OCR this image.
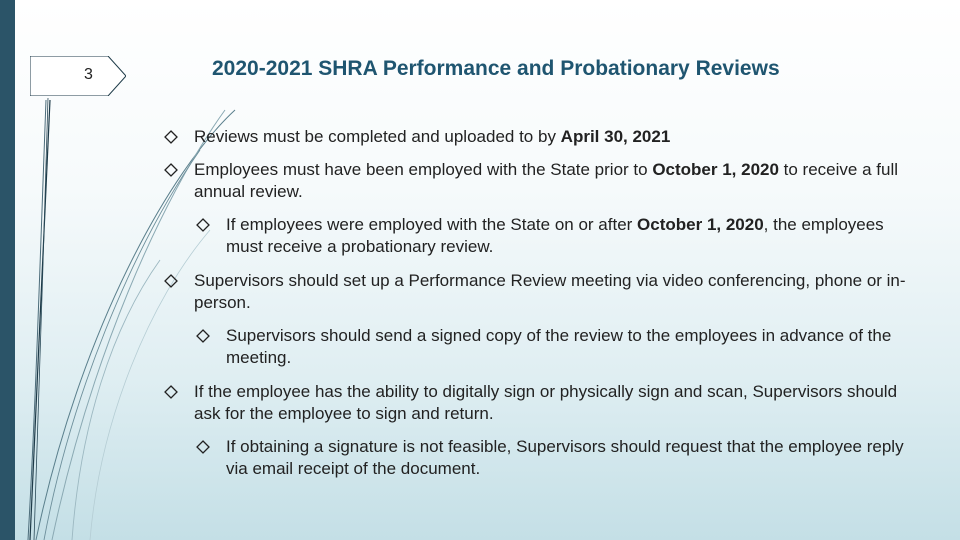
3	2020-2021 SHRA Performance and Probationary Reviews
Reviews must be completed and uploaded to by April 30, 2021
Employees must have been employed with the State prior to October 1, 2020 to receive a full annual review.
If employees were employed with the State on or after October 1, 2020, the employees must receive a probationary review.
Supervisors should set up a Performance Review meeting via video conferencing, phone or in-person.
Supervisors should send a signed copy of the review to the employees in advance of the meeting.
If the employee has the ability to digitally sign or physically sign and scan, Supervisors should ask for the employee to sign and return.
If obtaining a signature is not feasible, Supervisors should request that the employee reply via email receipt of the document.
